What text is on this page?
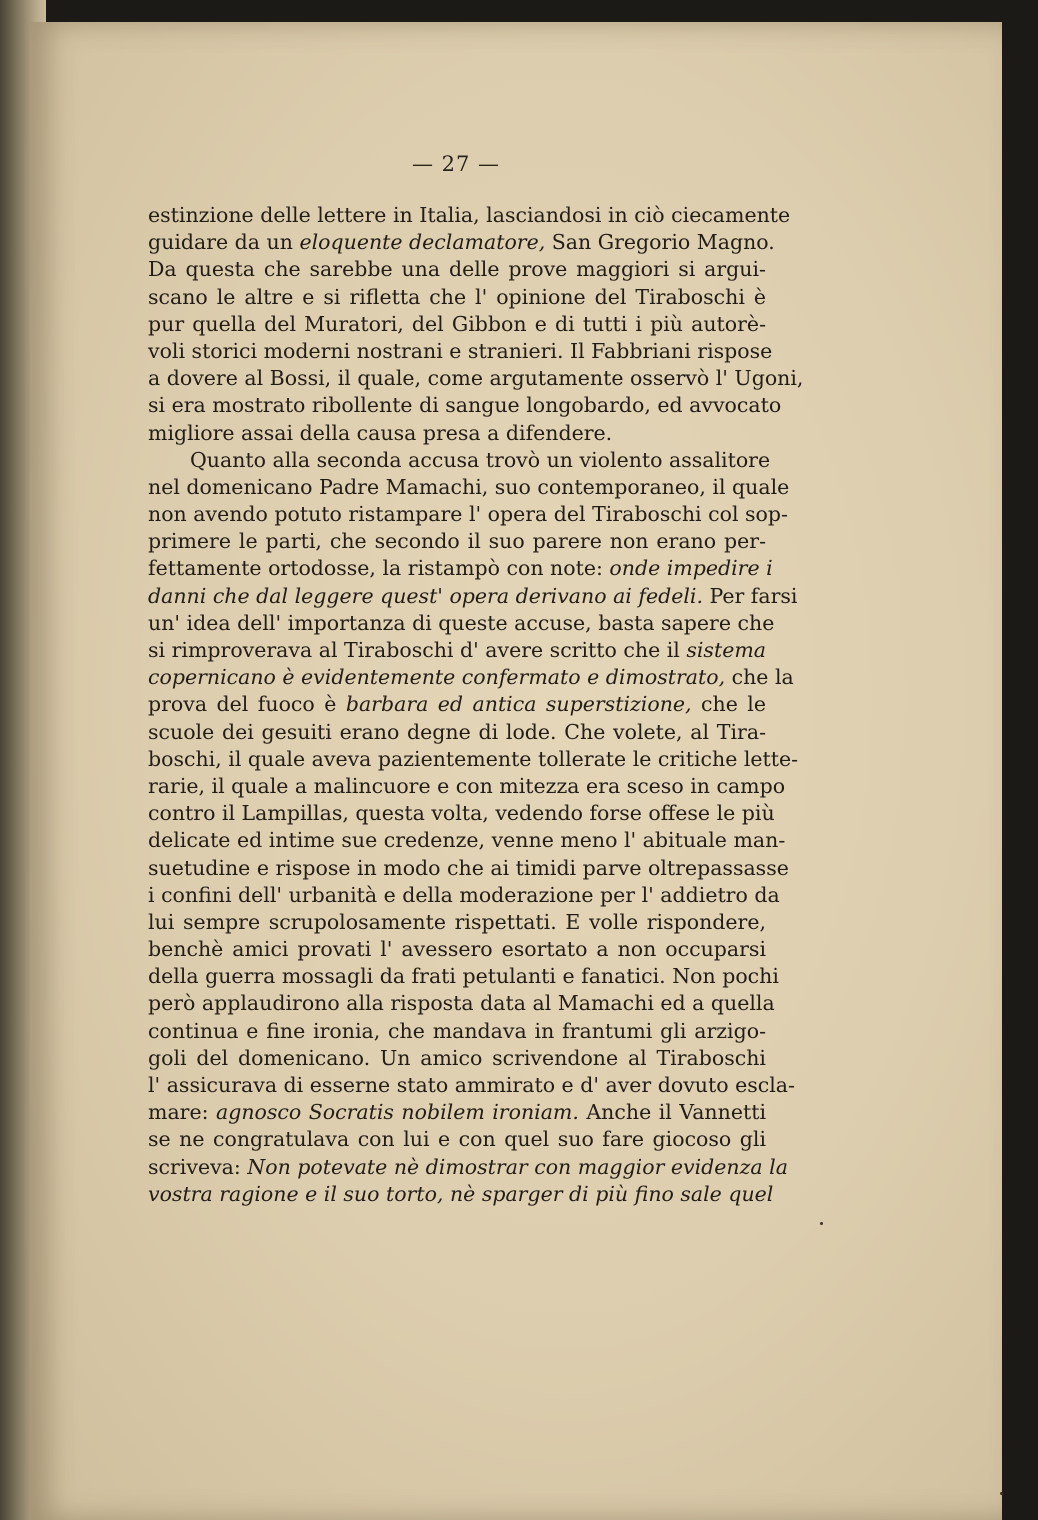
— 27 —
estinzione delle lettere in Italia, lasciandosi in ciò ciecamente
guidare da un eloquente declamatore, San Gregorio Magno.
Da questa che sarebbe una delle prove maggiori si argui-
scano le altre e si rifletta che l' opinione del Tiraboschi è
pur quella del Muratori, del Gibbon e di tutti i più autorè-
voli storici moderni nostrani e stranieri. Il Fabbriani rispose
a dovere al Bossi, il quale, come argutamente osservò l' Ugoni,
si era mostrato ribollente di sangue longobardo, ed avvocato
migliore assai della causa presa a difendere.
Quanto alla seconda accusa trovò un violento assalitore
nel domenicano Padre Mamachi, suo contemporaneo, il quale
non avendo potuto ristampare l' opera del Tiraboschi col sop-
primere le parti, che secondo il suo parere non erano per-
fettamente ortodosse, la ristampò con note: onde impedire i
danni che dal leggere quest' opera derivano ai fedeli. Per farsi
un' idea dell' importanza di queste accuse, basta sapere che
si rimproverava al Tiraboschi d' avere scritto che il sistema
copernicano è evidentemente confermato e dimostrato, che la
prova del fuoco è barbara ed antica superstizione, che le
scuole dei gesuiti erano degne di lode. Che volete, al Tira-
boschi, il quale aveva pazientemente tollerate le critiche lette-
rarie, il quale a malincuore e con mitezza era sceso in campo
contro il Lampillas, questa volta, vedendo forse offese le più
delicate ed intime sue credenze, venne meno l' abituale man-
suetudine e rispose in modo che ai timidi parve oltrepassasse
i confini dell' urbanità e della moderazione per l' addietro da
lui sempre scrupolosamente rispettati. E volle rispondere,
benchè amici provati l' avessero esortato a non occuparsi
della guerra mossagli da frati petulanti e fanatici. Non pochi
però applaudirono alla risposta data al Mamachi ed a quella
continua e fine ironia, che mandava in frantumi gli arzigo-
goli del domenicano. Un amico scrivendone al Tiraboschi
l' assicurava di esserne stato ammirato e d' aver dovuto escla-
mare: agnosco Socratis nobilem ironiam. Anche il Vannetti
se ne congratulava con lui e con quel suo fare giocoso gli
scriveva: Non potevate nè dimostrar con maggior evidenza la
vostra ragione e il suo torto, nè sparger di più fino sale quel
